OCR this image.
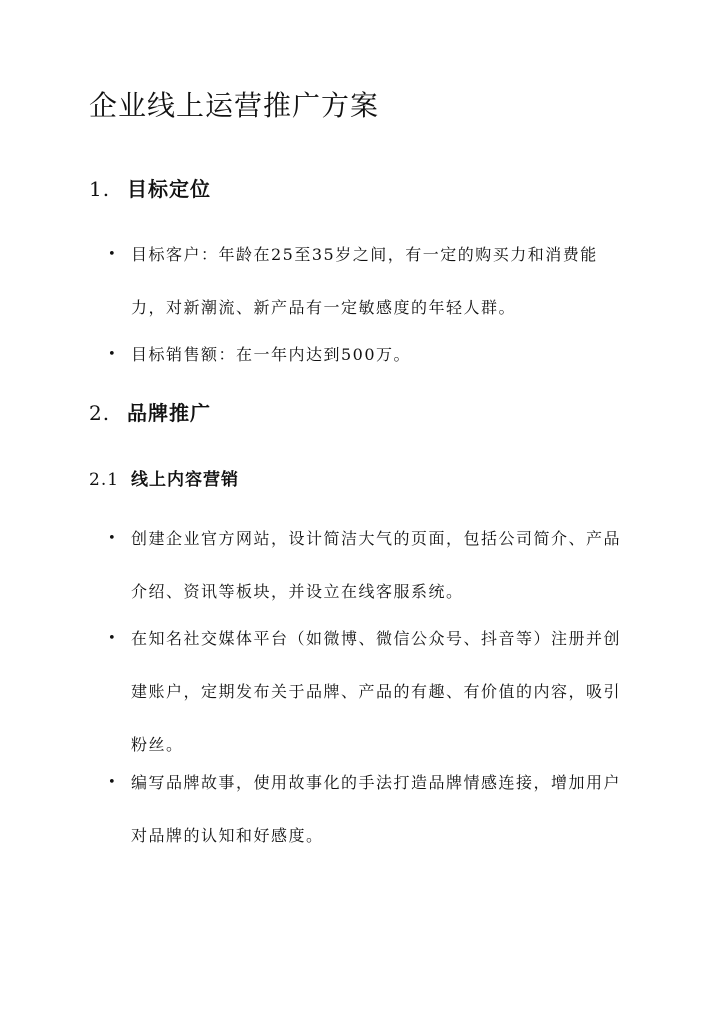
企业线上运营推广方案
1. 目标定位
• 目标客户：年龄在25至35岁之间，有一定的购买力和消费能力，对新潮流、新产品有一定敏感度的年轻人群。
• 目标销售额：在一年内达到500万。
2. 品牌推广
2.1 线上内容营销
• 创建企业官方网站，设计简洁大气的页面，包括公司简介、产品介绍、资讯等板块，并设立在线客服系统。
• 在知名社交媒体平台（如微博、微信公众号、抖音等）注册并创建账户，定期发布关于品牌、产品的有趣、有价值的内容，吸引粉丝。
• 编写品牌故事，使用故事化的手法打造品牌情感连接，增加用户对品牌的认知和好感度。
